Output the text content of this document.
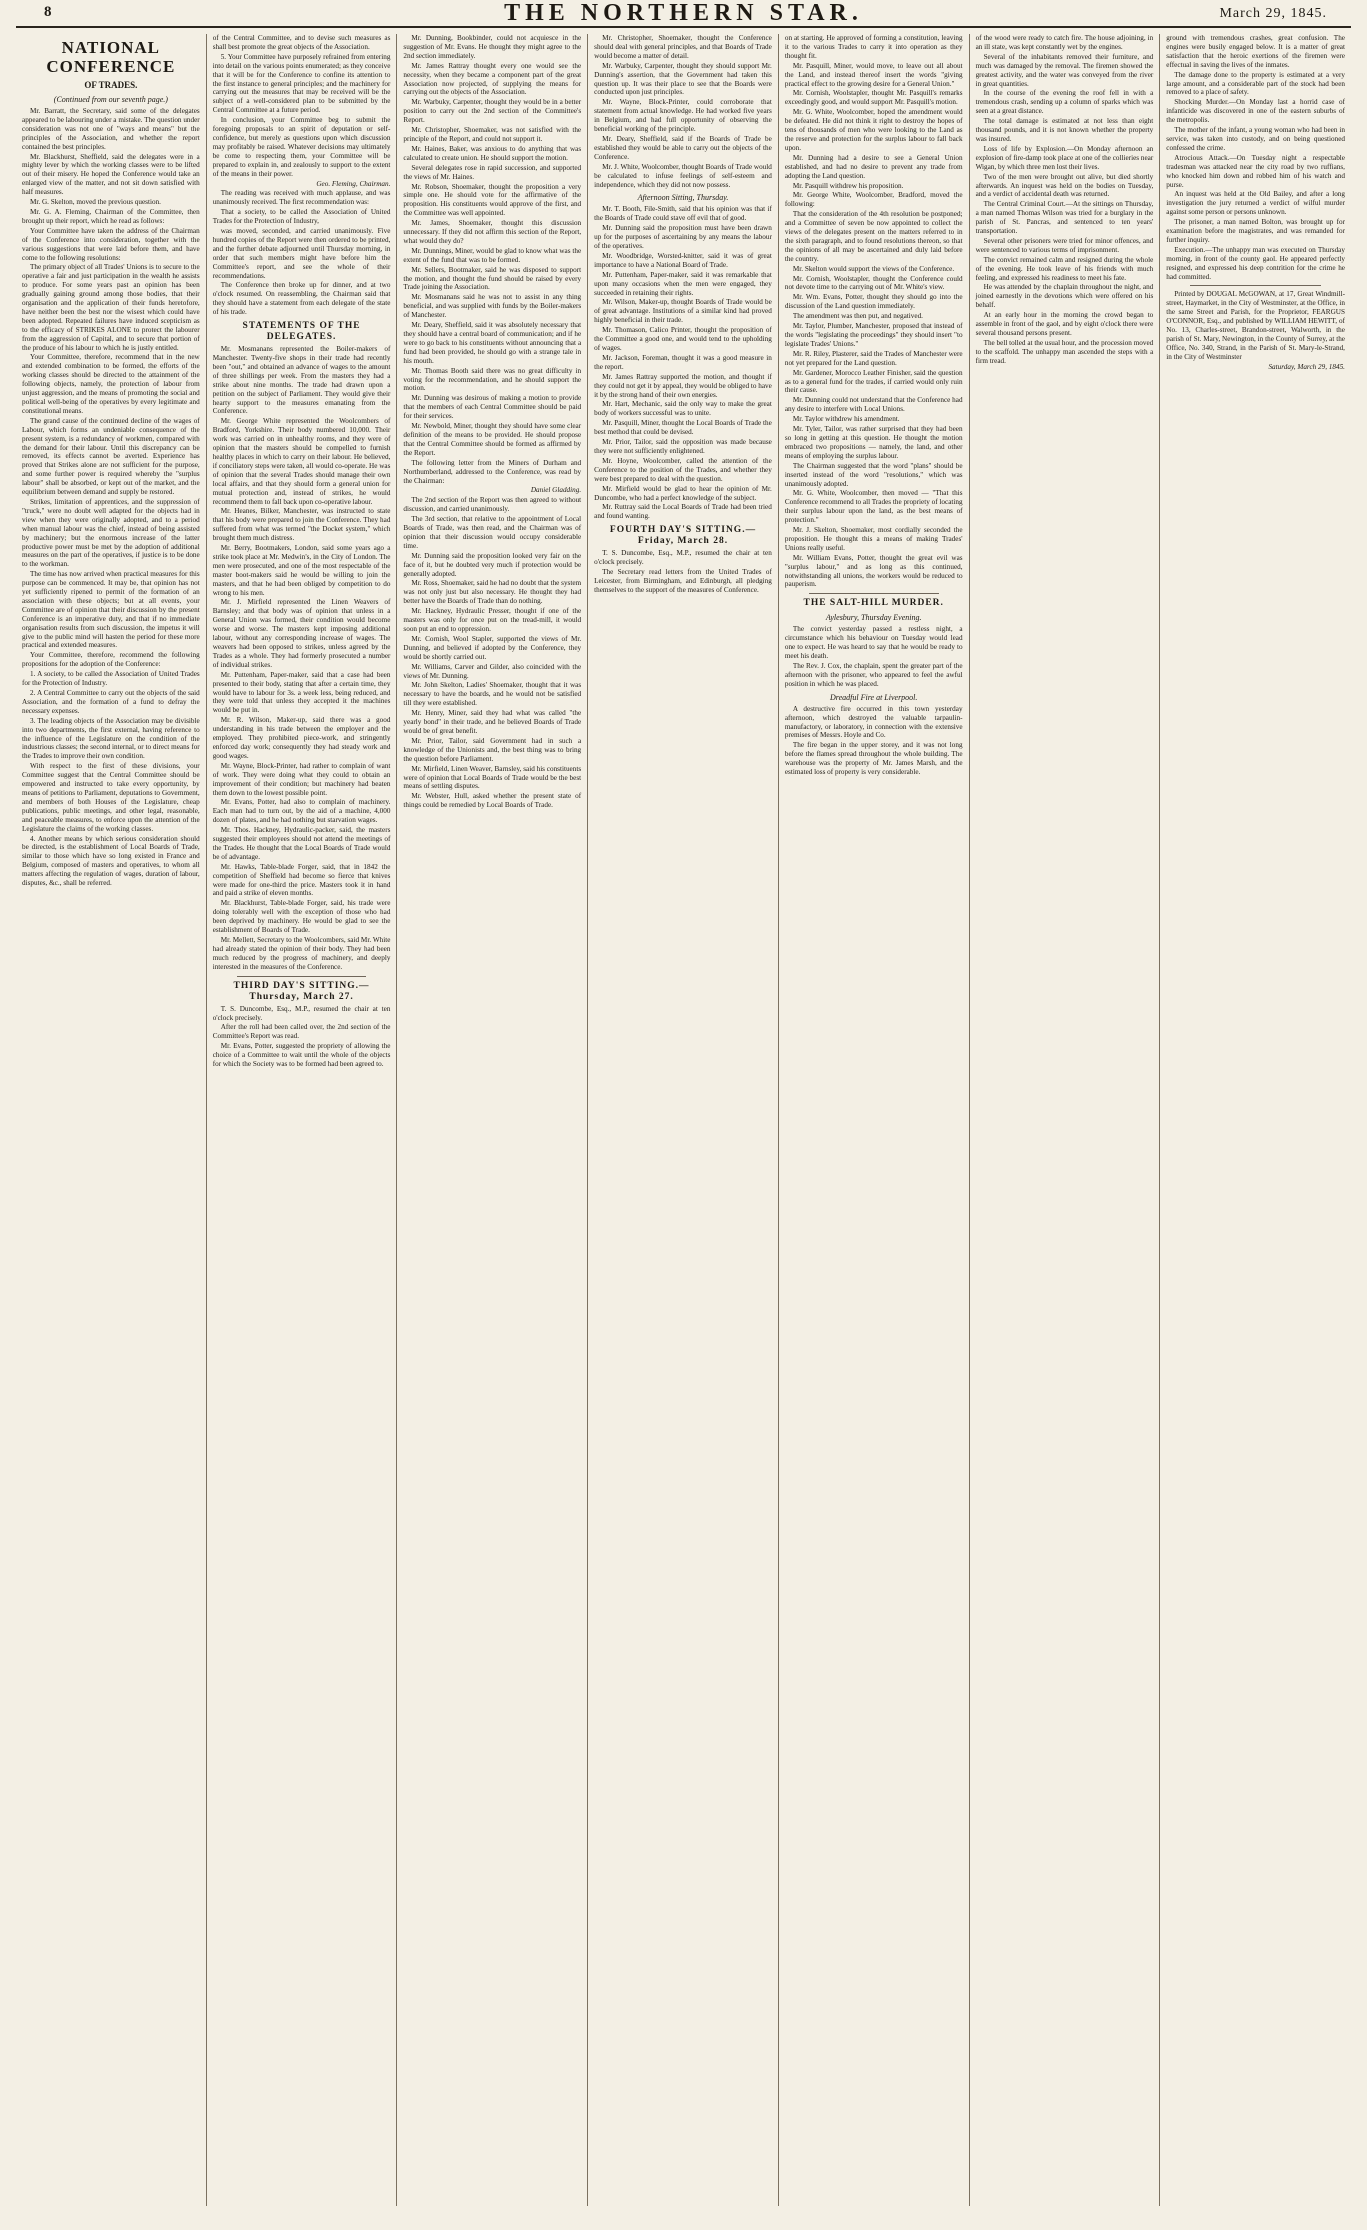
8	THE NORTHERN STAR.	March 29, 1845.
NATIONAL CONFERENCE
OF TRADES.
(Continued from our seventh page.)

Mr. Barratt, the Secretary, said some of the delegates appeared to be labouring under a mistake. The question under consideration was not one of "ways and means" but the principles of the Association, and whether the report contained the best principles.

Mr. Blackhurst, Sheffield, said the delegates were in a mighty lever by which the working classes were to be lifted out of their misery. He hoped the Conference would take an enlarged view of the matter, and not sit down satisfied with half measures.

Mr. G. Skelton, moved the previous question.

Mr. G. A. Fleming, Chairman of the Committee, then brought up their report, which he read as follows:

Your Committee have taken the address of the Chairman of the Conference into consideration, together with the various suggestions that were laid before them, and have come to the following resolutions:

The primary object of all Trades' Unions is to secure to the operative a fair and just participation in the wealth he assists to produce. For some years past an opinion has been gradually gaining ground among those bodies, that their organisation and the application of their funds heretofore, have neither been the best nor the wisest which could have been adopted. Repeated failures have induced scepticism as to the efficacy of STRIKES ALONE to protect the labourer from the aggression of Capital, and to secure that portion of the produce of his labour to which he is justly entitled.

Your Committee, therefore, recommend that in the new and extended combination to be formed, the efforts of the working classes should be directed to the attainment of the following objects, namely, the protection of labour from unjust aggression, and the means of promoting the social and political well-being of the operatives by every legitimate and constitutional means.

The grand cause of the continued decline of the wages of Labour, which forms an undeniable consequence of the present system, is a redundancy of workmen, compared with the demand for their labour. Until this discrepancy can be removed, its effects cannot be averted. Experience has proved that Strikes alone are not sufficient for the purpose, and some further power is required whereby the "surplus labour" shall be absorbed, or kept out of the market, and the equilibrium between demand and supply be restored.

Strikes, limitation of apprentices, and the suppression of "truck," were no doubt well adapted for the objects had in view when they were originally adopted, and to a period when manual labour was the chief, instead of being assisted by machinery; but the enormous increase of the latter productive power must be met by the adoption of additional measures on the part of the operatives, if justice is to be done to the workman.

The time has now arrived when practical measures for this purpose can be commenced. It may be, that opinion has not yet sufficiently ripened to permit of the formation of an association with these objects; but at all events, your Committee are of opinion that their discussion by the present Conference is an imperative duty, and that if no immediate organisation results from such discussion, the impetus it will give to the public mind will hasten the period for these more practical and extended measures.

Your Committee, therefore, recommend the following propositions for the adoption of the Conference:

1. A society, to be called the Association of United Trades for the Protection of Industry.

2. A Central Committee to carry out the objects of the said Association, and the formation of a fund to defray the necessary expenses.

3. The leading objects of the Association may be divisible into two departments, the first external, having reference to the influence of the Legislature on the condition of the industrious classes; the second internal, or to direct means for the Trades to improve their own condition.

With respect to the first of these divisions, your Committee suggest that the Central Committee should be empowered and instructed to take every opportunity, by means of petitions to Parliament, deputations to Government, and members of both Houses of the Legislature, cheap publications, public meetings, and other legal, reasonable, and peaceable measures, to enforce upon the attention of the Legislature the claims of the working classes.

4. Another means by which serious consideration should be directed, is the establishment of Local Boards of Trade, similar to those which have so long existed in France and Belgium, composed of masters and operatives, to whom all matters affecting the regulation of wages, duration of labour, disputes, &c., shall be referred.

of the Central Committee, and to devise such measures as shall best promote the great objects of the Association.

5. Your Committee have purposely refrained from entering into detail on the various points enumerated; as they conceive that it will be for the Conference to confine its attention to the first instance to general principles; and the machinery for carrying out the measures that may be received will be the subject of a well-considered plan to be submitted by the Central Committee at a future period.

In conclusion, your Committee beg to submit the foregoing proposals to an spirit of deputation or self-confidence, but merely as questions upon which discussion may profitably be raised. Whatever decisions may ultimately be come to respecting them, your Committee will be prepared to explain in, and zealously to support to the extent of the means in their power.

Geo. Fleming, Chairman.

The reading was received with much applause, and was unanimously received. The first recommendation was:

That a society, to be called the Association of United Trades for the Protection of Industry,

was moved, seconded, and carried unanimously. Five hundred copies of the Report were then ordered to be printed, and the further debate adjourned until Thursday morning, in order that such members might have before him the Committee's report, and see the whole of their recommendations.

The Conference then broke up for dinner, and at two o'clock resumed. On reassembling, the Chairman said that they should have a statement from each delegate of the state of his trade.

STATEMENTS OF THE DELEGATES.

Mr. Mosmanans represented the Boiler-makers of Manchester. Twenty-five shops in their trade had recently been "out," and obtained an advance of wages to the amount of three shillings per week. From the masters they had a strike about nine months. The trade had drawn upon a petition on the subject of Parliament. They would give their hearty support to the measures emanating from the Conference.

Mr. George White represented the Woolcombers of Bradford, Yorkshire. Their body numbered 10,000. Their work was carried on in unhealthy rooms, and they were of opinion that the masters should be compelled to furnish healthy places in which to carry on their labour. He believed, if conciliatory steps were taken, all would co-operate. He was of opinion that the several Trades should manage their own local affairs, and that they should form a general union for mutual protection and, instead of strikes, he would recommend them to fall back upon co-operative labour.

Mr. Heanes, Bilker, Manchester, was instructed to state that his body were prepared to join the Conference. They had suffered from what was termed "the Docket system," which brought them much distress.

Mr. Berry, Bootmakers, London, said some years ago a strike took place at Mr. Medwin's, in the City of London. The men were prosecuted, and one of the most respectable of the master boot-makers said he would be willing to join the masters, and that he had been obliged by competition to do wrong to his men.

Mr. J. Mirfield represented the Linen Weavers of Barnsley; and that body was of opinion that unless in a General Union was formed, their condition would become worse and worse. The masters kept imposing additional labour, without any corresponding increase of wages. The weavers had been opposed to strikes, unless agreed by the Trades as a whole. They had formerly prosecuted a number of individual strikes.

Mr. Puttenham, Paper-maker, said that a case had been presented to their body, stating that after a certain time, they would have to labour for 3s. a week less, being reduced, and they were told that unless they accepted it the machines would be put in.

Mr. R. Wilson, Maker-up, said there was a good understanding in his trade between the employer and the employed. They prohibited piece-work, and stringently enforced day work; consequently they had steady work and good wages.

Mr. Wayne, Block-Printer, had rather to complain of want of work. They were doing what they could to obtain an improvement of their condition; but machinery had beaten them down to the lowest possible point.

Mr. Evans, Potter, had also to complain of machinery. Each man had to turn out, by the aid of a machine, 4,000 dozen of plates, and he had nothing but starvation wages.

Mr. Thos. Hackney, Hydraulic-packer, said, the masters suggested their employees should not attend the meetings of the Trades. He thought that the Local Boards of Trade would be of advantage.

Mr. Hawks, Table-blade Forger, said, that in 1842 the competition of Sheffield had become so fierce that knives were made for one-third the price. Masters took it in hand and paid a strike of eleven months.

Mr. Blackhurst, Table-blade Forger, said, his trade were doing tolerably well with the exception of those who had been deprived by machinery. He would be glad to see the establishment of Boards of Trade.

Mr. Mellett, Secretary to the Woolcombers, said Mr. White had already stated the opinion of their body. They had been much reduced by the progress of machinery, and deeply interested in the measures of the Conference.

THIRD DAY'S SITTING.—Thursday, March 27.

T. S. Duncombe, Esq., M.P., resumed the chair at ten o'clock precisely.

After the roll had been called over, the 2nd section of the Committee's Report was read.

Mr. Evans, Potter, suggested the propriety of allowing the choice of a Committee to wait until the whole of the objects for which the Society was to be formed had been agreed to.

Mr. Dunning, Bookbinder, could not acquiesce in the suggestion of Mr. Evans. He thought they might agree to the 2nd section immediately.

Mr. James Rattray thought every one would see the necessity, when they became a component part of the great Association now projected, of supplying the means for carrying out the objects of the Association.

Mr. Warbuky, Carpenter, thought they would be in a better position to carry out the 2nd section of the Committee's Report.

Mr. Christopher, Shoemaker, was not satisfied with the principle of the Report, and could not support it.

Mr. Haines, Baker, was anxious to do anything that was calculated to create union. He should support the motion.

Several delegates rose in rapid succession, and supported the views of Mr. Haines.

Mr. Robson, Shoemaker, thought the proposition a very simple one. He should vote for the affirmative of the proposition. His constituents would approve of the first, and the Committee was well appointed.

Mr. James, Shoemaker, thought this discussion unnecessary. If they did not affirm this section of the Report, what would they do?

Mr. Dunnings, Miner, would be glad to know what was the extent of the fund that was to be formed.

Mr. Sellers, Bootmaker, said he was disposed to support the motion, and thought the fund should be raised by every Trade joining the Association.

Mr. Mosmanans said he was not to assist in any thing beneficial, and was supplied with funds by the Boiler-makers of Manchester.

Mr. Deary, Sheffield, said it was absolutely necessary that they should have a central board of communication; and if he were to go back to his constituents without announcing that a fund had been provided, he should go with a strange tale in his mouth.

Mr. Thomas Booth said there was no great difficulty in voting for the recommendation, and he should support the motion.

Mr. Dunning was desirous of making a motion to provide that the members of each Central Committee should be paid for their services.

Mr. Newbold, Miner, thought they should have some clear definition of the means to be provided. He should propose that the Central Committee should be formed as affirmed by the Report.

The following letter from the Miners of Durham and Northumberland, addressed to the Conference, was read by the Chairman:

Daniel Gladding.

The 2nd section of the Report was then agreed to without discussion, and carried unanimously.

The 3rd section, that relative to the appointment of Local Boards of Trade, was then read, and the Chairman was of opinion that their discussion would occupy considerable time.

Mr. Dunning said the proposition looked very fair on the face of it, but he doubted very much if protection would be generally adopted.

Mr. Ross, Shoemaker, said he had no doubt that the system was not only just but also necessary. He thought they had better have the Boards of Trade than do nothing.

Mr. Hackney, Hydraulic Presser, thought if one of the masters was only for once put on the tread-mill, it would soon put an end to oppression.

Mr. Cornish, Wool Stapler, supported the views of Mr. Dunning, and believed if adopted by the Conference, they would be shortly carried out.

Mr. Williams, Carver and Gilder, also coincided with the views of Mr. Dunning.

Mr. John Skelton, Ladies' Shoemaker, thought that it was necessary to have the boards, and he would not be satisfied till they were established.

Mr. Henry, Miner, said they had what was called "the yearly bond" in their trade, and he believed Boards of Trade would be of great benefit.

Mr. Prior, Tailor, said Government had in such a knowledge of the Unionists and, the best thing was to bring the question before Parliament.

Mr. Mirfield, Linen Weaver, Barnsley, said his constituents were of opinion that Local Boards of Trade would be the best means of settling disputes.

Mr. Webster, Hull, asked whether the present state of things could be remedied by Local Boards of Trade.

Mr. Christopher, Shoemaker, thought the Conference should deal with general principles, and that Boards of Trade would become a matter of detail.

Mr. Warbuky, Carpenter, thought they should support Mr. Dunning's assertion, that the Government had taken this question up. It was their place to see that the Boards were conducted upon just principles.

Mr. Wayne, Block-Printer, could corroborate that statement from actual knowledge. He had worked five years in Belgium, and had full opportunity of observing the beneficial working of the principle.

Mr. Deary, Sheffield, said if the Boards of Trade be established they would be able to carry out the objects of the Conference.

Mr. J. White, Woolcomber, thought Boards of Trade would be calculated to infuse feelings of self-esteem and independence, which they did not now possess.

Afternoon Sitting, Thursday.

Mr. T. Booth, File-Smith, said that his opinion was that if the Boards of Trade could stave off evil that of good.

Mr. Dunning said the proposition must have been drawn up for the purposes of ascertaining by any means the labour of the operatives.

Mr. Woodbridge, Worsted-knitter, said it was of great importance to have a National Board of Trade.

Mr. Puttenham, Paper-maker, said it was remarkable that upon many occasions when the men were engaged, they succeeded in retaining their rights.

Mr. Wilson, Maker-up, thought Boards of Trade would be of great advantage. Institutions of a similar kind had proved highly beneficial in their trade.

Mr. Thomason, Calico Printer, thought the proposition of the Committee a good one, and would tend to the upholding of wages.

Mr. Jackson, Foreman, thought it was a good measure in the report.

Mr. James Rattray supported the motion, and thought if they could not get it by appeal, they would be obliged to have it by the strong hand of their own energies.

Mr. Hart, Mechanic, said the only way to make the great body of workers successful was to unite.

Mr. Pasquill, Miner, thought the Local Boards of Trade the best method that could be devised.

Mr. Prior, Tailor, said the opposition was made because they were not sufficiently enlightened.

Mr. Hoyne, Woolcomber, called the attention of the Conference to the position of the Trades, and whether they were best prepared to deal with the question.

Mr. Mirfield would be glad to hear the opinion of Mr. Duncombe, who had a perfect knowledge of the subject.

Mr. Ruttray said the Local Boards of Trade had been tried and found wanting.

FOURTH DAY'S SITTING.—Friday, March 28.

T. S. Duncombe, Esq., M.P., resumed the chair at ten o'clock precisely.

The Secretary read letters from the United Trades of Leicester, from Birmingham, and Edinburgh, all pledging themselves to the support of the measures of Conference.

on at starting. He approved of forming a constitution, leaving it to the various Trades to carry it into operation as they thought fit.

Mr. Pasquill, Miner, would move, to leave out all about the Land, and instead thereof insert the words "giving practical effect to the growing desire for a General Union."

Mr. Cornish, Woolstapler, thought Mr. Pasquill's remarks exceedingly good, and would support Mr. Pasquill's motion.

Mr. G. White, Woolcomber, hoped the amendment would be defeated. He did not think it right to destroy the hopes of tens of thousands of men who were looking to the Land as the reserve and protection for the surplus labour to fall back upon.

Mr. Dunning had a desire to see a General Union established, and had no desire to prevent any trade from adopting the Land question.

Mr. Pasquill withdrew his proposition.

Mr. George White, Woolcomber, Bradford, moved the following:

That the consideration of the 4th resolution be postponed; and a Committee of seven be now appointed to collect the views of the delegates present on the matters referred to in the sixth paragraph, and to found resolutions thereon, so that the opinions of all may be ascertained and duly laid before the country.

Mr. Skelton would support the views of the Conference.

Mr. Cornish, Woolstapler, thought the Conference could not devote time to the carrying out of Mr. White's view.

Mr. Wm. Evans, Potter, thought they should go into the discussion of the Land question immediately.

The amendment was then put, and negatived.

Mr. Taylor, Plumber, Manchester, proposed that instead of the words "legislating the proceedings" they should insert "to legislate Trades' Unions."

Mr. R. Riley, Plasterer, said the Trades of Manchester were not yet prepared for the Land question.

Mr. Gardener, Morocco Leather Finisher, said the question as to a general fund for the trades, if carried would only ruin their cause.

Mr. Dunning could not understand that the Conference had any desire to interfere with Local Unions.

Mr. Taylor withdrew his amendment.

Mr. Tyler, Tailor, was rather surprised that they had been so long in getting at this question. He thought the motion embraced two propositions — namely, the land, and other means of employing the surplus labour.

The Chairman suggested that the word "plans" should be inserted instead of the word "resolutions," which was unanimously adopted.

Mr. G. White, Woolcomber, then moved — "That this Conference recommend to all Trades the propriety of locating their surplus labour upon the land, as the best means of protection."

Mr. J. Skelton, Shoemaker, most cordially seconded the proposition. He thought this a means of making Trades' Unions really useful.

Mr. William Evans, Potter, thought the great evil was "surplus labour," and as long as this continued, notwithstanding all unions, the workers would be reduced to pauperism.

THE SALT-HILL MURDER.
Aylesbury, Thursday Evening.

The convict yesterday passed a restless night, a circumstance which his behaviour on Tuesday would lead one to expect. He was heard to say that he would be ready to meet his death.

The Rev. J. Cox, the chaplain, spent the greater part of the afternoon with the prisoner, who appeared to feel the awful position in which he was placed.

Dreadful Fire at Liverpool.

A destructive fire occurred in this town yesterday afternoon, which destroyed the valuable tarpaulin-manufactory, or laboratory, in connection with the extensive premises of Messrs. Hoyle and Co.

The fire began in the upper storey, and it was not long before the flames spread throughout the whole building. The warehouse was the property of Mr. James Marsh, and the estimated loss of property is very considerable.

of the wood were ready to catch fire. The house adjoining, in an ill state, was kept constantly wet by the engines.

Several of the inhabitants removed their furniture, and much was damaged by the removal. The firemen showed the greatest activity, and the water was conveyed from the river in great quantities.

In the course of the evening the roof fell in with a tremendous crash, sending up a column of sparks which was seen at a great distance.

The total damage is estimated at not less than eight thousand pounds, and it is not known whether the property was insured.

Loss of life by Explosion.—On Monday afternoon an explosion of fire-damp took place at one of the collieries near Wigan, by which three men lost their lives.

Two of the men were brought out alive, but died shortly afterwards. An inquest was held on the bodies on Tuesday, and a verdict of accidental death was returned.

The Central Criminal Court.—At the sittings on Thursday, a man named Thomas Wilson was tried for a burglary in the parish of St. Pancras, and sentenced to ten years' transportation.

Several other prisoners were tried for minor offences, and were sentenced to various terms of imprisonment.

The convict remained calm and resigned during the whole of the evening. He took leave of his friends with much feeling, and expressed his readiness to meet his fate.

He was attended by the chaplain throughout the night, and joined earnestly in the devotions which were offered on his behalf.

At an early hour in the morning the crowd began to assemble in front of the gaol, and by eight o'clock there were several thousand persons present.

The bell tolled at the usual hour, and the procession moved to the scaffold. The unhappy man ascended the steps with a firm tread.

ground with tremendous crashes, great confusion. The engines were busily engaged below. It is a matter of great satisfaction that the heroic exertions of the firemen were effectual in saving the lives of the inmates.

The damage done to the property is estimated at a very large amount, and a considerable part of the stock had been removed to a place of safety.

Shocking Murder.—On Monday last a horrid case of infanticide was discovered in one of the eastern suburbs of the metropolis.

The mother of the infant, a young woman who had been in service, was taken into custody, and on being questioned confessed the crime.

Atrocious Attack.—On Tuesday night a respectable tradesman was attacked near the city road by two ruffians, who knocked him down and robbed him of his watch and purse.

An inquest was held at the Old Bailey, and after a long investigation the jury returned a verdict of wilful murder against some person or persons unknown.

The prisoner, a man named Bolton, was brought up for examination before the magistrates, and was remanded for further inquiry.

Execution.—The unhappy man was executed on Thursday morning, in front of the county gaol. He appeared perfectly resigned, and expressed his deep contrition for the crime he had committed.

Printed by DOUGAL McGOWAN, at 17, Great Windmill-street, Haymarket, in the City of Westminster, at the Office, in the same Street and Parish, for the Proprietor, FEARGUS O'CONNOR, Esq., and published by WILLIAM HEWITT, of No. 13, Charles-street, Brandon-street, Walworth, in the parish of St. Mary, Newington, in the County of Surrey, at the Office, No. 340, Strand, in the Parish of St. Mary-le-Strand, in the City of Westminster

Saturday, March 29, 1845.
